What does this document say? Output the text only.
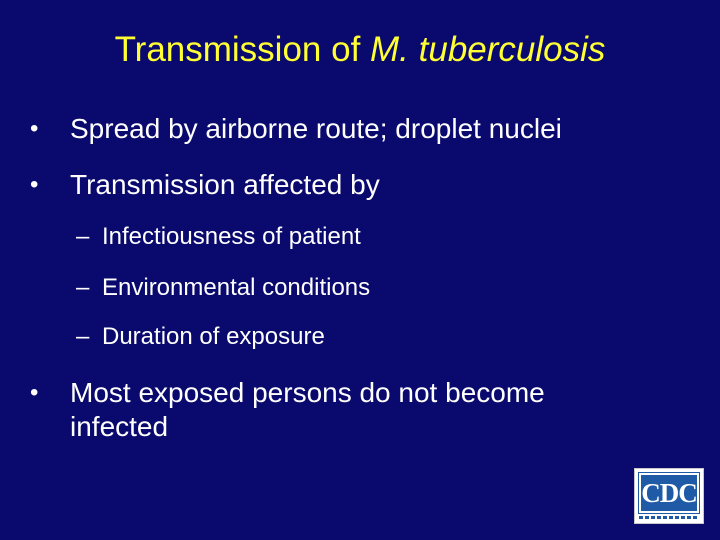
Transmission of M. tuberculosis
•	Spread by airborne route; droplet nuclei
•	Transmission affected by
– Infectiousness of patient
– Environmental conditions
– Duration of exposure
•	Most exposed persons do not become infected
CDC
